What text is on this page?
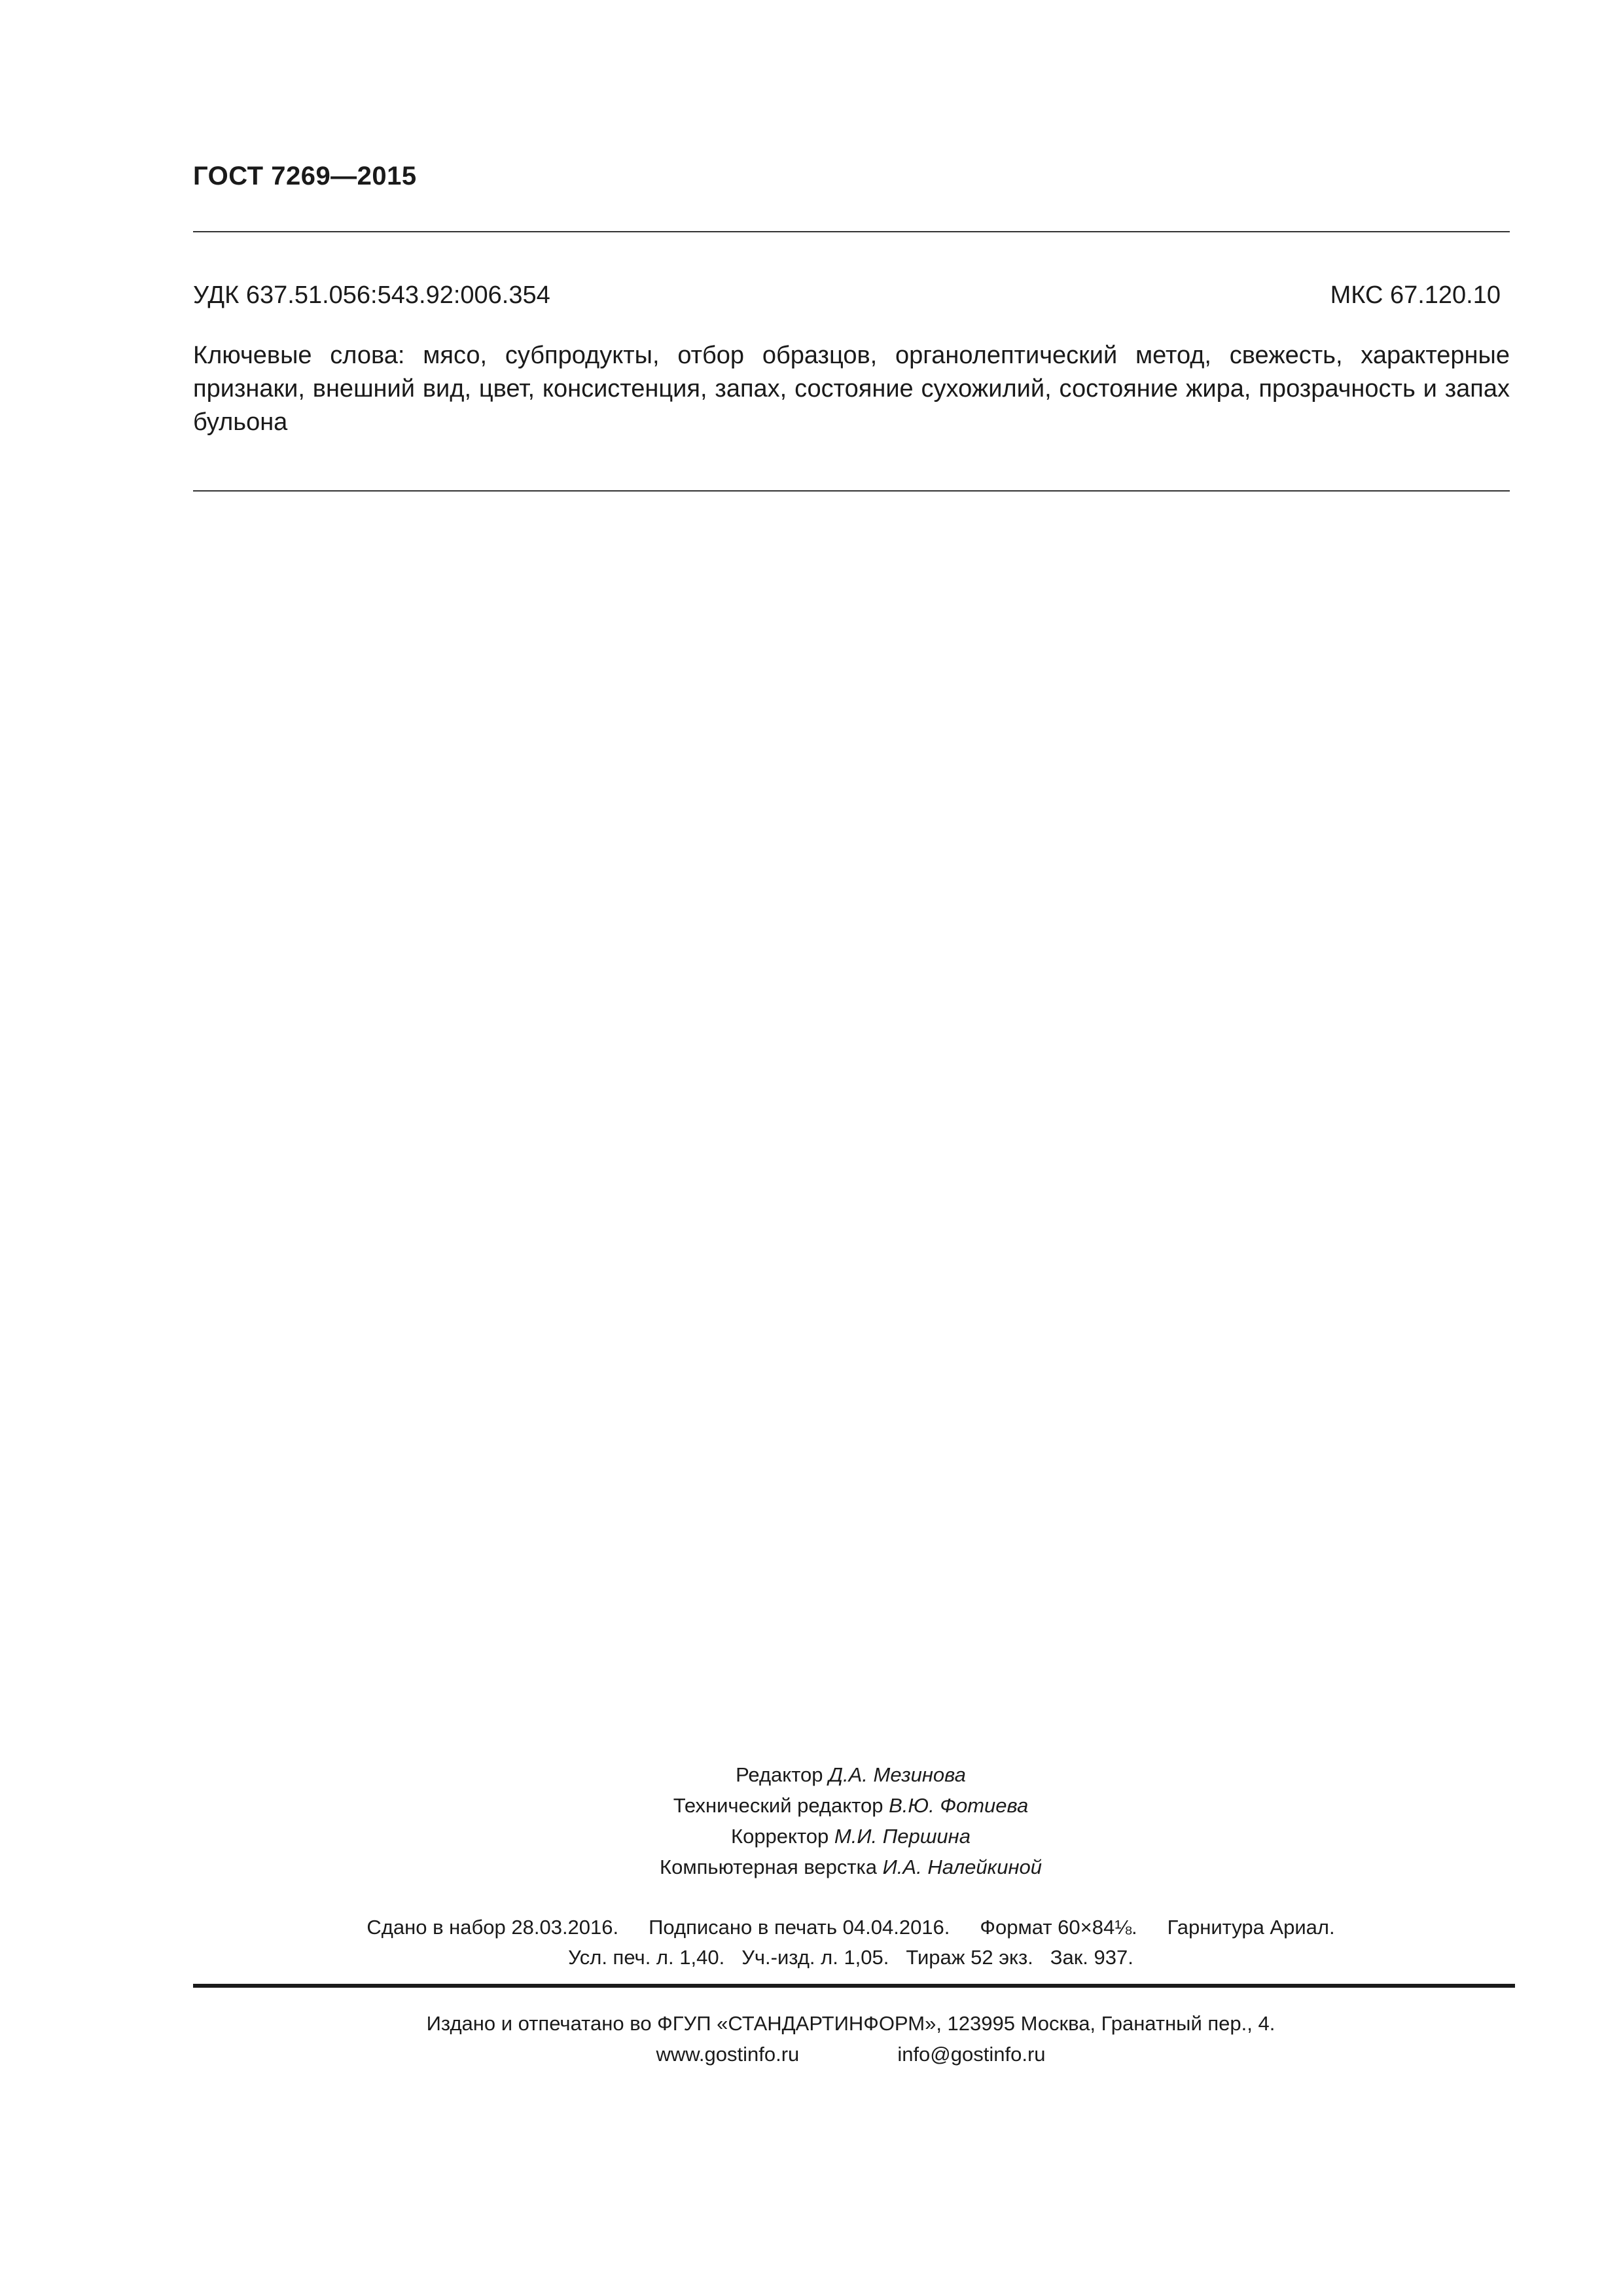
ГОСТ 7269—2015
УДК 637.51.056:543.92:006.354	МКС 67.120.10
Ключевые слова: мясо, субпродукты, отбор образцов, органолептический метод, свежесть, характерные признаки, внешний вид, цвет, консистенция, запах, состояние сухожилий, состояние жира, прозрачность и запах бульона
Редактор Д.А. Мезинова
Технический редактор В.Ю. Фотиева
Корректор М.И. Першина
Компьютерная верстка И.А. Налейкиной
Сдано в набор 28.03.2016. Подписано в печать 04.04.2016. Формат 60×84⅛. Гарнитура Ариал.
Усл. печ. л. 1,40. Уч.-изд. л. 1,05. Тираж 52 экз. Зак. 937.
Издано и отпечатано во ФГУП «СТАНДАРТИНФОРМ», 123995 Москва, Гранатный пер., 4.
www.gostinfo.ru	info@gostinfo.ru
